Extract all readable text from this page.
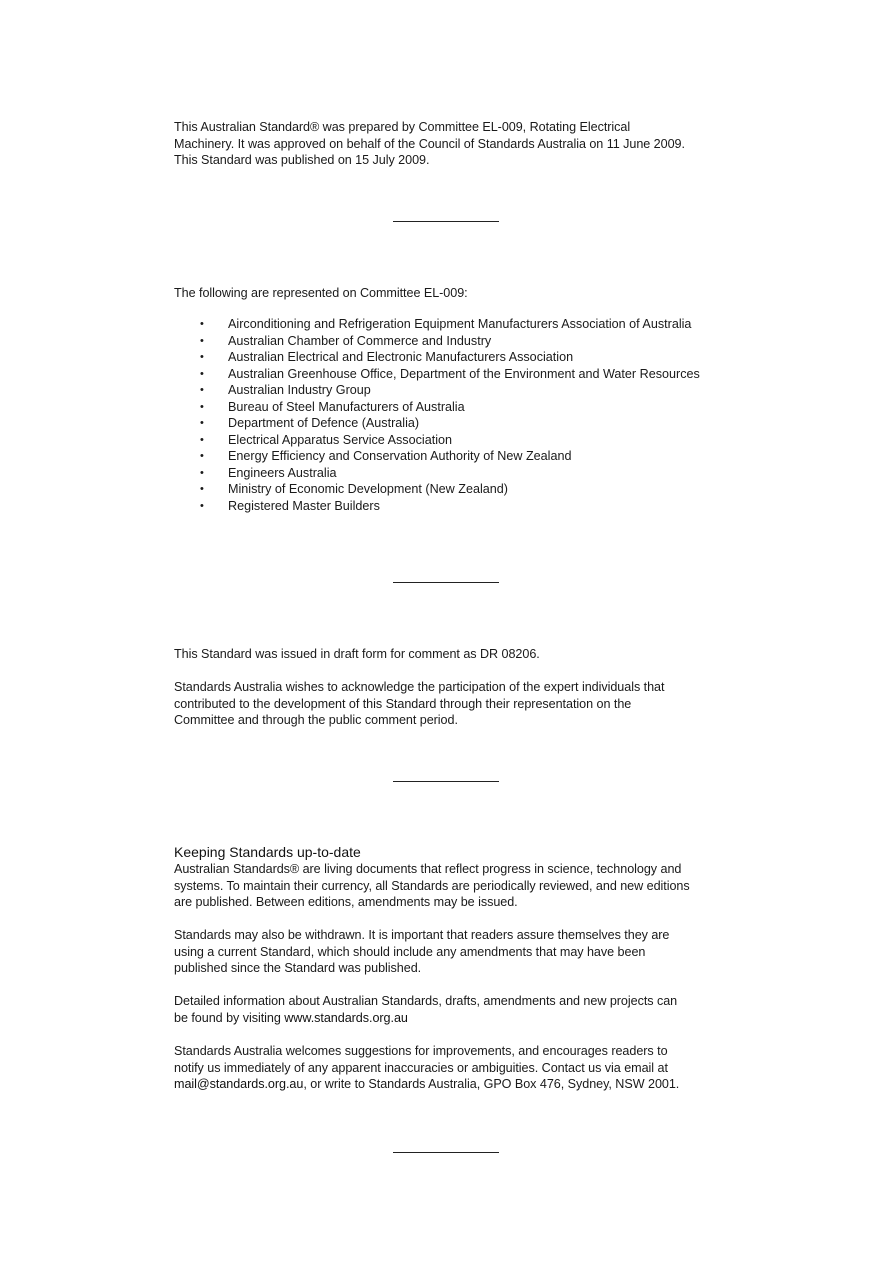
This Australian Standard® was prepared by Committee EL-009, Rotating Electrical
Machinery. It was approved on behalf of the Council of Standards Australia on 11 June 2009.
This Standard was published on 15 July 2009.
The following are represented on Committee EL-009:
• Airconditioning and Refrigeration Equipment Manufacturers Association of Australia
• Australian Chamber of Commerce and Industry
• Australian Electrical and Electronic Manufacturers Association
• Australian Greenhouse Office, Department of the Environment and Water Resources
• Australian Industry Group
• Bureau of Steel Manufacturers of Australia
• Department of Defence (Australia)
• Electrical Apparatus Service Association
• Energy Efficiency and Conservation Authority of New Zealand
• Engineers Australia
• Ministry of Economic Development (New Zealand)
• Registered Master Builders
This Standard was issued in draft form for comment as DR 08206.
Standards Australia wishes to acknowledge the participation of the expert individuals that
contributed to the development of this Standard through their representation on the
Committee and through the public comment period.
Keeping Standards up-to-date
Australian Standards® are living documents that reflect progress in science, technology and
systems. To maintain their currency, all Standards are periodically reviewed, and new editions
are published. Between editions, amendments may be issued.
Standards may also be withdrawn. It is important that readers assure themselves they are
using a current Standard, which should include any amendments that may have been
published since the Standard was published.
Detailed information about Australian Standards, drafts, amendments and new projects can
be found by visiting www.standards.org.au
Standards Australia welcomes suggestions for improvements, and encourages readers to
notify us immediately of any apparent inaccuracies or ambiguities. Contact us via email at
mail@standards.org.au, or write to Standards Australia, GPO Box 476, Sydney, NSW 2001.
